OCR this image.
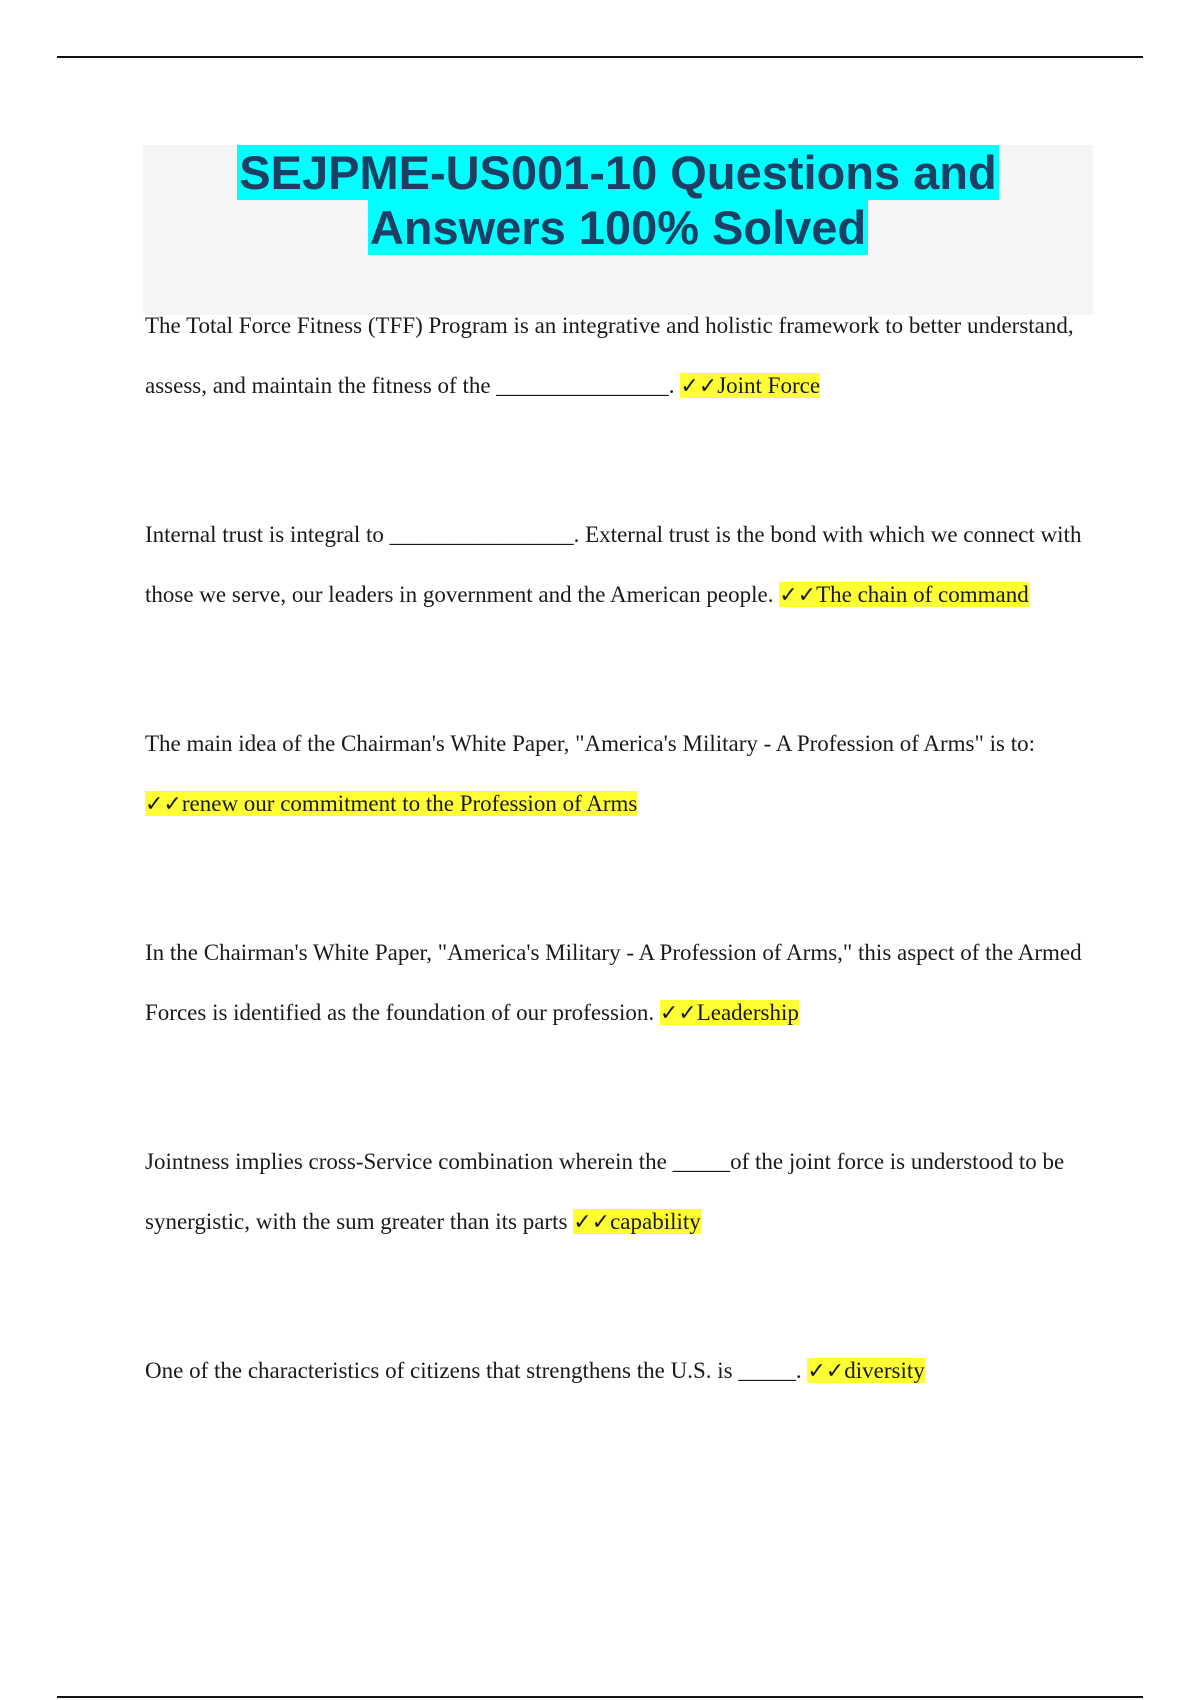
SEJPME-US001-10 Questions and
Answers 100% Solved

The Total Force Fitness (TFF) Program is an integrative and holistic framework to better understand, assess, and maintain the fitness of the _______________. ✓✓Joint Force

Internal trust is integral to ________________. External trust is the bond with which we connect with those we serve, our leaders in government and the American people. ✓✓The chain of command

The main idea of the Chairman's White Paper, "America's Military - A Profession of Arms" is to: ✓✓renew our commitment to the Profession of Arms

In the Chairman's White Paper, "America's Military - A Profession of Arms," this aspect of the Armed Forces is identified as the foundation of our profession. ✓✓Leadership

Jointness implies cross-Service combination wherein the _____of the joint force is understood to be synergistic, with the sum greater than its parts ✓✓capability

One of the characteristics of citizens that strengthens the U.S. is _____. ✓✓diversity
